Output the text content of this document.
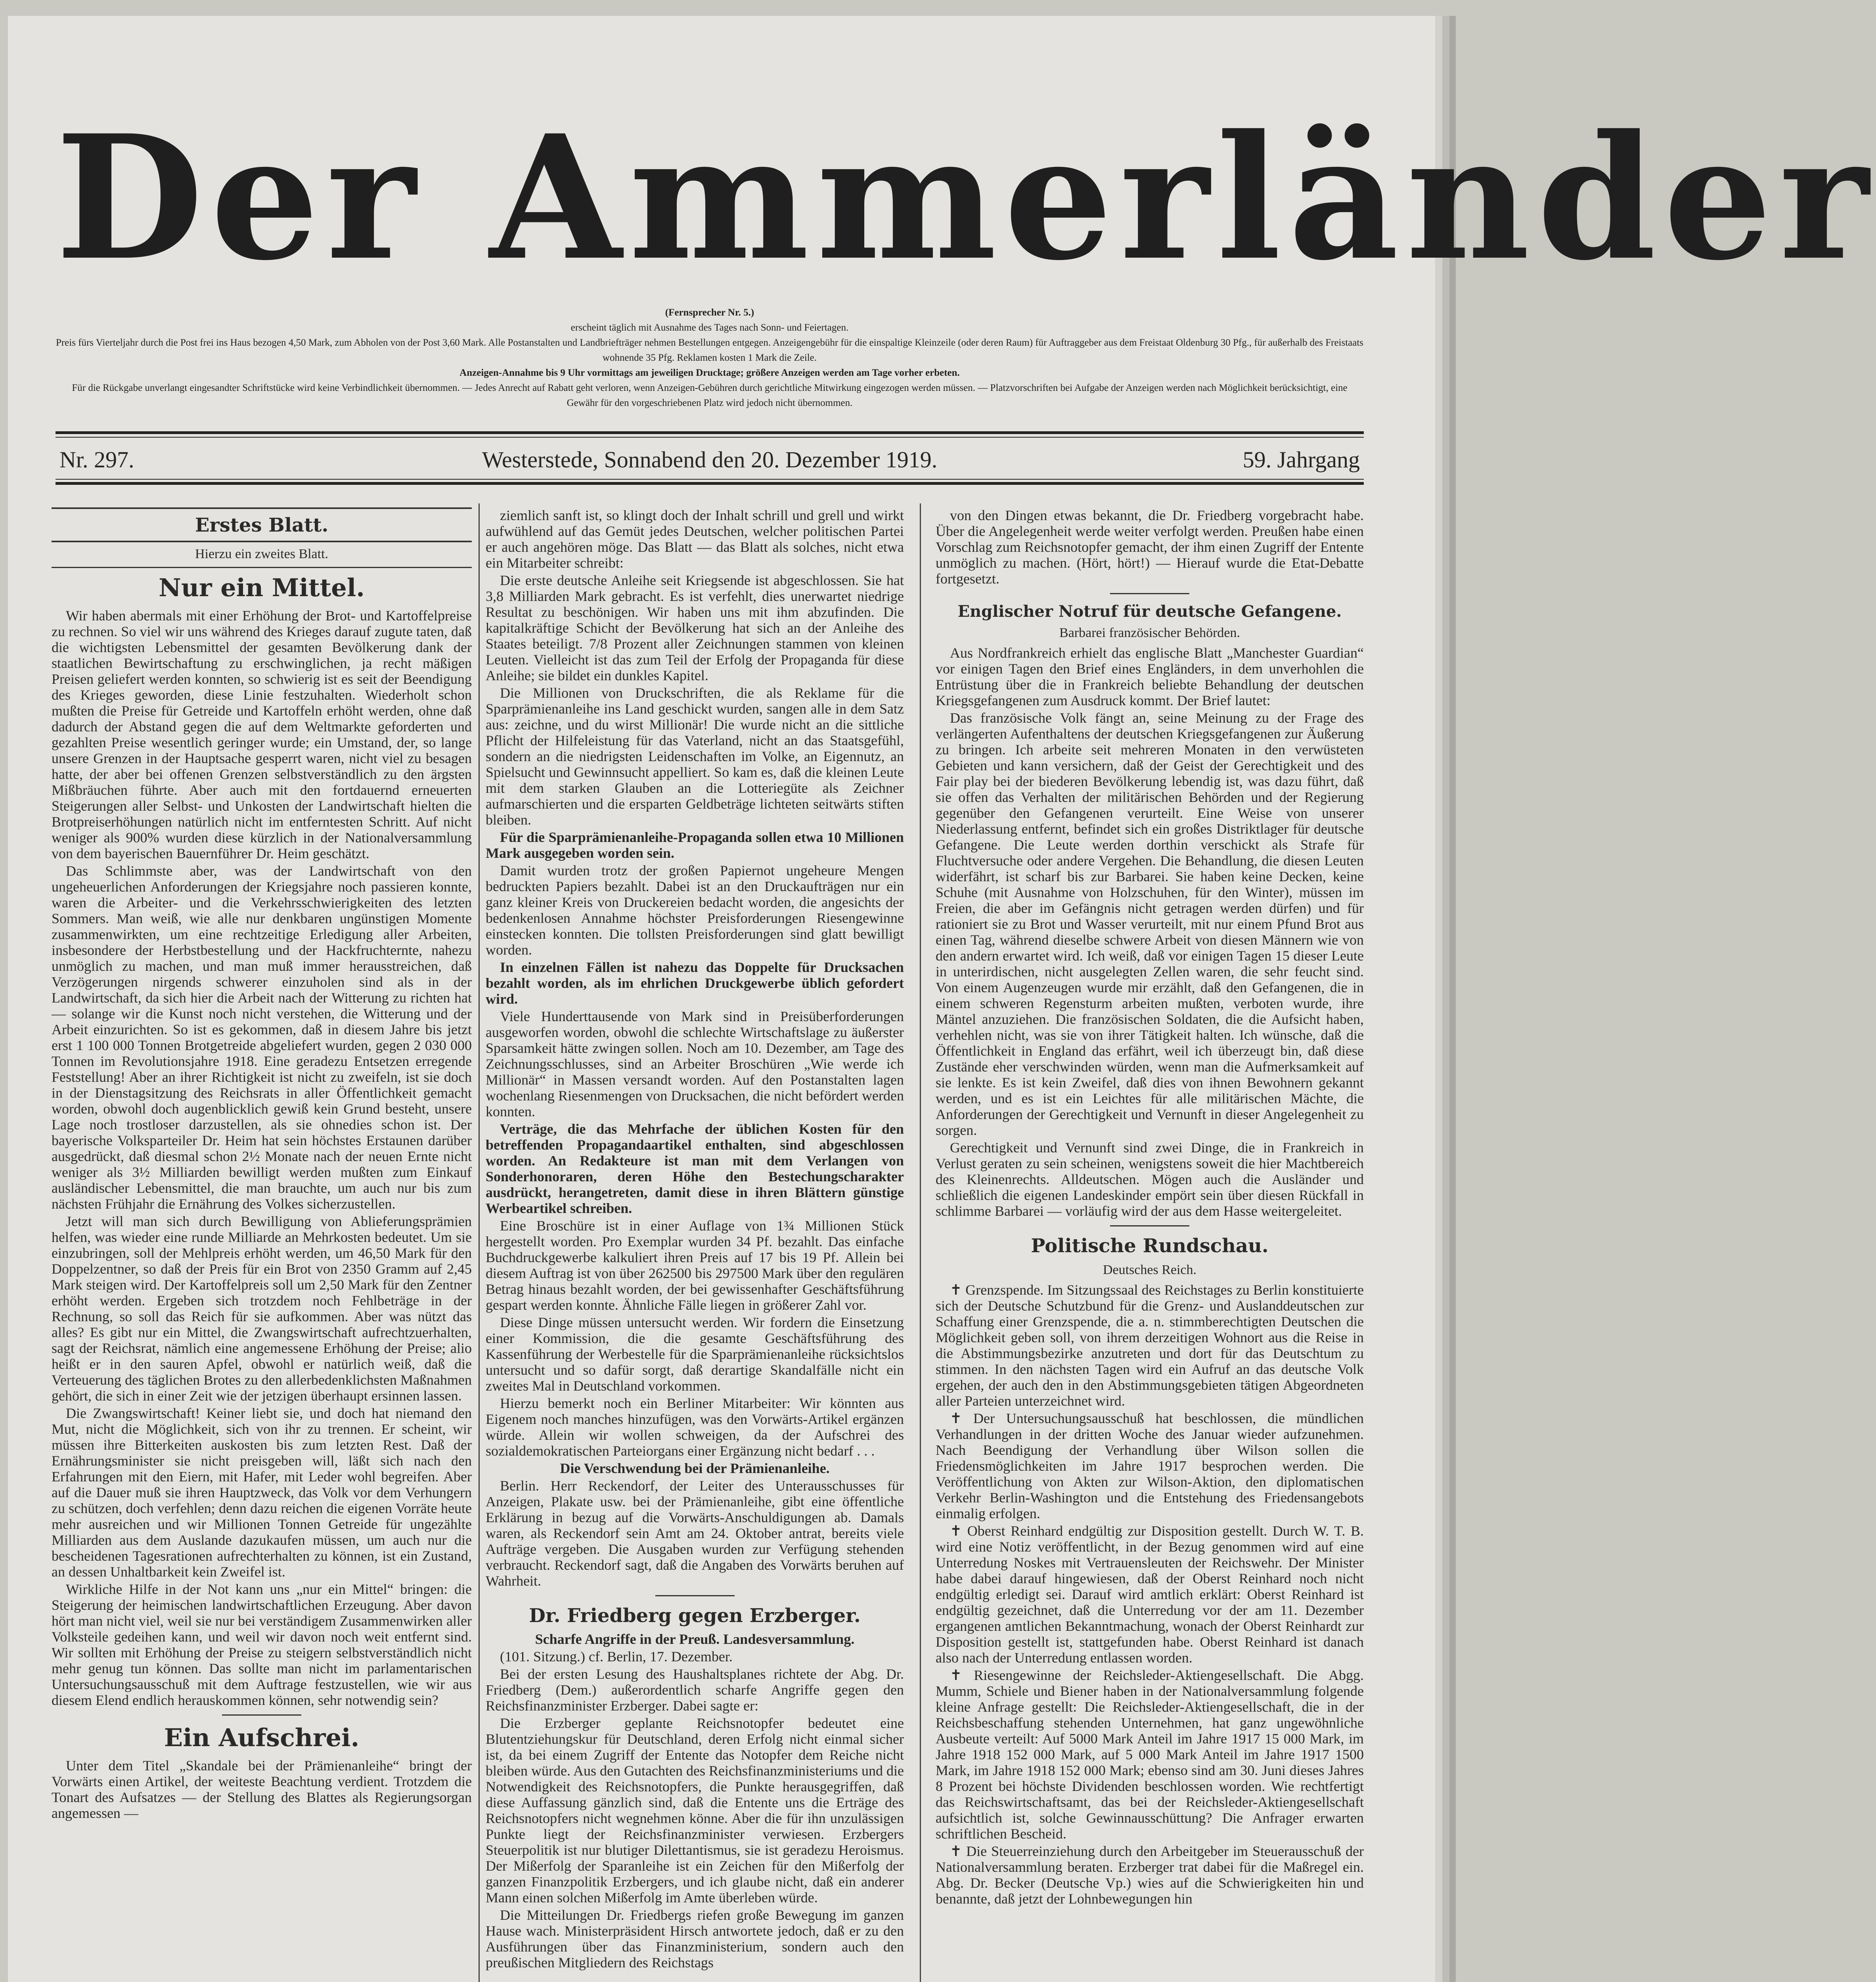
Der Ammerländer

(Fernsprecher Nr. 5.)

erscheint täglich mit Ausnahme des Tages nach Sonn- und Feiertagen.

Preis fürs Vierteljahr durch die Post frei ins Haus bezogen 4,50 Mark, zum Abholen von der Post 3,60 Mark. Alle Postanstalten und Landbriefträger nehmen Bestellungen entgegen. Anzeigengebühr für die einspaltige Kleinzeile (oder deren Raum) für Auftraggeber aus dem Freistaat Oldenburg 30 Pfg., für außerhalb des Freistaats wohnende 35 Pfg. Reklamen kosten 1 Mark die Zeile.

Anzeigen-Annahme bis 9 Uhr vormittags am jeweiligen Drucktage; größere Anzeigen werden am Tage vorher erbeten.

Für die Rückgabe unverlangt eingesandter Schriftstücke wird keine Verbindlichkeit übernommen. — Jedes Anrecht auf Rabatt geht verloren, wenn Anzeigen-Gebühren durch gerichtliche Mitwirkung eingezogen werden müssen. — Platzvorschriften bei Aufgabe der Anzeigen werden nach Möglichkeit berücksichtigt, eine Gewähr für den vorgeschriebenen Platz wird jedoch nicht übernommen.

Nr. 297.	Westerstede, Sonnabend den 20. Dezember 1919.	59. Jahrgang
Erstes Blatt.
Hierzu ein zweites Blatt.
Nur ein Mittel.

Wir haben abermals mit einer Erhöhung der Brot- und Kartoffelpreise zu rechnen. So viel wir uns während des Krieges darauf zugute taten, daß die wichtigsten Lebensmittel der gesamten Bevölkerung dank der staatlichen Bewirtschaftung zu erschwinglichen, ja recht mäßigen Preisen geliefert werden konnten, so schwierig ist es seit der Beendigung des Krieges geworden, diese Linie festzuhalten. Wiederholt schon mußten die Preise für Getreide und Kartoffeln erhöht werden, ohne daß dadurch der Abstand gegen die auf dem Weltmarkte geforderten und gezahlten Preise wesentlich geringer wurde; ein Umstand, der, so lange unsere Grenzen in der Hauptsache gesperrt waren, nicht viel zu besagen hatte, der aber bei offenen Grenzen selbstverständlich zu den ärgsten Mißbräuchen führte. Aber auch mit den fortdauernd erneuerten Steigerungen aller Selbst- und Unkosten der Landwirtschaft hielten die Brotpreiserhöhungen natürlich nicht im entferntesten Schritt. Auf nicht weniger als 900% wurden diese kürzlich in der Nationalversammlung von dem bayerischen Bauernführer Dr. Heim geschätzt.

Das Schlimmste aber, was der Landwirtschaft von den ungeheuerlichen Anforderungen der Kriegsjahre noch passieren konnte, waren die Arbeiter- und die Verkehrsschwierigkeiten des letzten Sommers. Man weiß, wie alle nur denkbaren ungünstigen Momente zusammenwirkten, um eine rechtzeitige Erledigung aller Arbeiten, insbesondere der Herbstbestellung und der Hackfruchternte, nahezu unmöglich zu machen, und man muß immer herausstreichen, daß Verzögerungen nirgends schwerer einzuholen sind als in der Landwirtschaft, da sich hier die Arbeit nach der Witterung zu richten hat — solange wir die Kunst noch nicht verstehen, die Witterung und der Arbeit einzurichten. So ist es gekommen, daß in diesem Jahre bis jetzt erst 1 100 000 Tonnen Brotgetreide abgeliefert wurden, gegen 2 030 000 Tonnen im Revolutionsjahre 1918. Eine geradezu Entsetzen erregende Feststellung! Aber an ihrer Richtigkeit ist nicht zu zweifeln, ist sie doch in der Dienstagsitzung des Reichsrats in aller Öffentlichkeit gemacht worden, obwohl doch augenblicklich gewiß kein Grund besteht, unsere Lage noch trostloser darzustellen, als sie ohnedies schon ist. Der bayerische Volksparteiler Dr. Heim hat sein höchstes Erstaunen darüber ausgedrückt, daß diesmal schon 2½ Monate nach der neuen Ernte nicht weniger als 3½ Milliarden bewilligt werden mußten zum Einkauf ausländischer Lebensmittel, die man brauchte, um auch nur bis zum nächsten Frühjahr die Ernährung des Volkes sicherzustellen.

Jetzt will man sich durch Bewilligung von Ablieferungsprämien helfen, was wieder eine runde Milliarde an Mehrkosten bedeutet. Um sie einzubringen, soll der Mehlpreis erhöht werden, um 46,50 Mark für den Doppelzentner, so daß der Preis für ein Brot von 2350 Gramm auf 2,45 Mark steigen wird. Der Kartoffelpreis soll um 2,50 Mark für den Zentner erhöht werden. Ergeben sich trotzdem noch Fehlbeträge in der Rechnung, so soll das Reich für sie aufkommen. Aber was nützt das alles? Es gibt nur ein Mittel, die Zwangswirtschaft aufrechtzuerhalten, sagt der Reichsrat, nämlich eine angemessene Erhöhung der Preise; alio heißt er in den sauren Apfel, obwohl er natürlich weiß, daß die Verteuerung des täglichen Brotes zu den allerbedenklichsten Maßnahmen gehört, die sich in einer Zeit wie der jetzigen überhaupt ersinnen lassen.

Die Zwangswirtschaft! Keiner liebt sie, und doch hat niemand den Mut, nicht die Möglichkeit, sich von ihr zu trennen. Er scheint, wir müssen ihre Bitterkeiten auskosten bis zum letzten Rest. Daß der Ernährungsminister sie nicht preisgeben will, läßt sich nach den Erfahrungen mit den Eiern, mit Hafer, mit Leder wohl begreifen. Aber auf die Dauer muß sie ihren Hauptzweck, das Volk vor dem Verhungern zu schützen, doch verfehlen; denn dazu reichen die eigenen Vorräte heute mehr ausreichen und wir Millionen Tonnen Getreide für ungezählte Milliarden aus dem Auslande dazukaufen müssen, um auch nur die bescheidenen Tagesrationen aufrechterhalten zu können, ist ein Zustand, an dessen Unhaltbarkeit kein Zweifel ist.

Wirkliche Hilfe in der Not kann uns „nur ein Mittel“ bringen: die Steigerung der heimischen landwirtschaftlichen Erzeugung. Aber davon hört man nicht viel, weil sie nur bei verständigem Zusammenwirken aller Volksteile gedeihen kann, und weil wir davon noch weit entfernt sind. Wir sollten mit Erhöhung der Preise zu steigern selbstverständlich nicht mehr genug tun können. Das sollte man nicht im parlamentarischen Untersuchungsausschuß mit dem Auftrage festzustellen, wie wir aus diesem Elend endlich herauskommen können, sehr notwendig sein?

Ein Aufschrei.

Unter dem Titel „Skandale bei der Prämienanleihe“ bringt der Vorwärts einen Artikel, der weiteste Beachtung verdient. Trotzdem die Tonart des Aufsatzes — der Stellung des Blattes als Regierungsorgan angemessen —

ziemlich sanft ist, so klingt doch der Inhalt schrill und grell und wirkt aufwühlend auf das Gemüt jedes Deutschen, welcher politischen Partei er auch angehören möge. Das Blatt — das Blatt als solches, nicht etwa ein Mitarbeiter schreibt:

Die erste deutsche Anleihe seit Kriegsende ist abgeschlossen. Sie hat 3,8 Milliarden Mark gebracht. Es ist verfehlt, dies unerwartet niedrige Resultat zu beschönigen. Wir haben uns mit ihm abzufinden. Die kapitalkräftige Schicht der Bevölkerung hat sich an der Anleihe des Staates beteiligt. 7/8 Prozent aller Zeichnungen stammen von kleinen Leuten. Vielleicht ist das zum Teil der Erfolg der Propaganda für diese Anleihe; sie bildet ein dunkles Kapitel.

Die Millionen von Druckschriften, die als Reklame für die Sparprämienanleihe ins Land geschickt wurden, sangen alle in dem Satz aus: zeichne, und du wirst Millionär! Die wurde nicht an die sittliche Pflicht der Hilfeleistung für das Vaterland, nicht an das Staatsgefühl, sondern an die niedrigsten Leidenschaften im Volke, an Eigennutz, an Spielsucht und Gewinnsucht appelliert. So kam es, daß die kleinen Leute mit dem starken Glauben an die Lotteriegüte als Zeichner aufmarschierten und die ersparten Geldbeträge lichteten seitwärts stiften bleiben.

Für die Sparprämienanleihe-Propaganda sollen etwa 10 Millionen Mark ausgegeben worden sein.

Damit wurden trotz der großen Papiernot ungeheure Mengen bedruckten Papiers bezahlt. Dabei ist an den Druckaufträgen nur ein ganz kleiner Kreis von Druckereien bedacht worden, die angesichts der bedenkenlosen Annahme höchster Preisforderungen Riesengewinne einstecken konnten. Die tollsten Preisforderungen sind glatt bewilligt worden.

In einzelnen Fällen ist nahezu das Doppelte für Drucksachen bezahlt worden, als im ehrlichen Druckgewerbe üblich gefordert wird.

Viele Hunderttausende von Mark sind in Preisüberforderungen ausgeworfen worden, obwohl die schlechte Wirtschaftslage zu äußerster Sparsamkeit hätte zwingen sollen. Noch am 10. Dezember, am Tage des Zeichnungsschlusses, sind an Arbeiter Broschüren „Wie werde ich Millionär“ in Massen versandt worden. Auf den Postanstalten lagen wochenlang Riesenmengen von Drucksachen, die nicht befördert werden konnten.

Verträge, die das Mehrfache der üblichen Kosten für den betreffenden Propagandaartikel enthalten, sind abgeschlossen worden. An Redakteure ist man mit dem Verlangen von Sonderhonoraren, deren Höhe den Bestechungscharakter ausdrückt, herangetreten, damit diese in ihren Blättern günstige Werbeartikel schreiben.

Eine Broschüre ist in einer Auflage von 1¾ Millionen Stück hergestellt worden. Pro Exemplar wurden 34 Pf. bezahlt. Das einfache Buchdruckgewerbe kalkuliert ihren Preis auf 17 bis 19 Pf. Allein bei diesem Auftrag ist von über 262500 bis 297500 Mark über den regulären Betrag hinaus bezahlt worden, der bei gewissenhafter Geschäftsführung gespart werden konnte. Ähnliche Fälle liegen in größerer Zahl vor.

Diese Dinge müssen untersucht werden. Wir fordern die Einsetzung einer Kommission, die die gesamte Geschäftsführung des Kassenführung der Werbestelle für die Sparprämienanleihe rücksichtslos untersucht und so dafür sorgt, daß derartige Skandalfälle nicht ein zweites Mal in Deutschland vorkommen.

Hierzu bemerkt noch ein Berliner Mitarbeiter: Wir könnten aus Eigenem noch manches hinzufügen, was den Vorwärts-Artikel ergänzen würde. Allein wir wollen schweigen, da der Aufschrei des sozialdemokratischen Parteiorgans einer Ergänzung nicht bedarf . . .

Die Verschwendung bei der Prämienanleihe.

Berlin. Herr Reckendorf, der Leiter des Unterausschusses für Anzeigen, Plakate usw. bei der Prämienanleihe, gibt eine öffentliche Erklärung in bezug auf die Vorwärts-Anschuldigungen ab. Damals waren, als Reckendorf sein Amt am 24. Oktober antrat, bereits viele Aufträge vergeben. Die Ausgaben wurden zur Verfügung stehenden verbraucht. Reckendorf sagt, daß die Angaben des Vorwärts beruhen auf Wahrheit.

Dr. Friedberg gegen Erzberger.

Scharfe Angriffe in der Preuß. Landesversammlung.

(101. Sitzung.) cf. Berlin, 17. Dezember.

Bei der ersten Lesung des Haushaltsplanes richtete der Abg. Dr. Friedberg (Dem.) außerordentlich scharfe Angriffe gegen den Reichsfinanzminister Erzberger. Dabei sagte er:

Die Erzberger geplante Reichsnotopfer bedeutet eine Blutentziehungskur für Deutschland, deren Erfolg nicht einmal sicher ist, da bei einem Zugriff der Entente das Notopfer dem Reiche nicht bleiben würde. Aus den Gutachten des Reichsfinanzministeriums und die Notwendigkeit des Reichsnotopfers, die Punkte herausgegriffen, daß diese Auffassung gänzlich sind, daß die Entente uns die Erträge des Reichsnotopfers nicht wegnehmen könne. Aber die für ihn unzulässigen Punkte liegt der Reichsfinanzminister verwiesen. Erzbergers Steuerpolitik ist nur blutiger Dilettantismus, sie ist geradezu Heroismus. Der Mißerfolg der Sparanleihe ist ein Zeichen für den Mißerfolg der ganzen Finanzpolitik Erzbergers, und ich glaube nicht, daß ein anderer Mann einen solchen Mißerfolg im Amte überleben würde.

Die Mitteilungen Dr. Friedbergs riefen große Bewegung im ganzen Hause wach. Ministerpräsident Hirsch antwortete jedoch, daß er zu den Ausführungen über das Finanzministerium, sondern auch den preußischen Mitgliedern des Reichstags

von den Dingen etwas bekannt, die Dr. Friedberg vorgebracht habe. Über die Angelegenheit werde weiter verfolgt werden. Preußen habe einen Vorschlag zum Reichsnotopfer gemacht, der ihm einen Zugriff der Entente unmöglich zu machen. (Hört, hört!) — Hierauf wurde die Etat-Debatte fortgesetzt.

Englischer Notruf für deutsche Gefangene.
Barbarei französischer Behörden.

Aus Nordfrankreich erhielt das englische Blatt „Manchester Guardian“ vor einigen Tagen den Brief eines Engländers, in dem unverhohlen die Entrüstung über die in Frankreich beliebte Behandlung der deutschen Kriegsgefangenen zum Ausdruck kommt. Der Brief lautet:

Das französische Volk fängt an, seine Meinung zu der Frage des verlängerten Aufenthaltens der deutschen Kriegsgefangenen zur Äußerung zu bringen. Ich arbeite seit mehreren Monaten in den verwüsteten Gebieten und kann versichern, daß der Geist der Gerechtigkeit und des Fair play bei der biederen Bevölkerung lebendig ist, was dazu führt, daß sie offen das Verhalten der militärischen Behörden und der Regierung gegenüber den Gefangenen verurteilt. Eine Weise von unserer Niederlassung entfernt, befindet sich ein großes Distriktlager für deutsche Gefangene. Die Leute werden dorthin verschickt als Strafe für Fluchtversuche oder andere Vergehen. Die Behandlung, die diesen Leuten widerfährt, ist scharf bis zur Barbarei. Sie haben keine Decken, keine Schuhe (mit Ausnahme von Holzschuhen, für den Winter), müssen im Freien, die aber im Gefängnis nicht getragen werden dürfen) und für rationiert sie zu Brot und Wasser verurteilt, mit nur einem Pfund Brot aus einen Tag, während dieselbe schwere Arbeit von diesen Männern wie von den andern erwartet wird. Ich weiß, daß vor einigen Tagen 15 dieser Leute in unterirdischen, nicht ausgelegten Zellen waren, die sehr feucht sind. Von einem Augenzeugen wurde mir erzählt, daß den Gefangenen, die in einem schweren Regensturm arbeiten mußten, verboten wurde, ihre Mäntel anzuziehen. Die französischen Soldaten, die die Aufsicht haben, verhehlen nicht, was sie von ihrer Tätigkeit halten. Ich wünsche, daß die Öffentlichkeit in England das erfährt, weil ich überzeugt bin, daß diese Zustände eher verschwinden würden, wenn man die Aufmerksamkeit auf sie lenkte. Es ist kein Zweifel, daß dies von ihnen Bewohnern gekannt werden, und es ist ein Leichtes für alle militärischen Mächte, die Anforderungen der Gerechtigkeit und Vernunft in dieser Angelegenheit zu sorgen.

Gerechtigkeit und Vernunft sind zwei Dinge, die in Frankreich in Verlust geraten zu sein scheinen, wenigstens soweit die hier Machtbereich des Kleinenrechts. Alldeutschen. Mögen auch die Ausländer und schließlich die eigenen Landeskinder empört sein über diesen Rückfall in schlimme Barbarei — vorläufig wird der aus dem Hasse weitergeleitet.

Politische Rundschau.
Deutsches Reich.

✝ Grenzspende. Im Sitzungssaal des Reichstages zu Berlin konstituierte sich der Deutsche Schutzbund für die Grenz- und Auslanddeutschen zur Schaffung einer Grenzspende, die a. n. stimmberechtigten Deutschen die Möglichkeit geben soll, von ihrem derzeitigen Wohnort aus die Reise in die Abstimmungsbezirke anzutreten und dort für das Deutschtum zu stimmen. In den nächsten Tagen wird ein Aufruf an das deutsche Volk ergehen, der auch den in den Abstimmungsgebieten tätigen Abgeordneten aller Parteien unterzeichnet wird.

✝ Der Untersuchungsausschuß hat beschlossen, die mündlichen Verhandlungen in der dritten Woche des Januar wieder aufzunehmen. Nach Beendigung der Verhandlung über Wilson sollen die Friedensmöglichkeiten im Jahre 1917 besprochen werden. Die Veröffentlichung von Akten zur Wilson-Aktion, den diplomatischen Verkehr Berlin-Washington und die Entstehung des Friedensangebots einmalig erfolgen.

✝ Oberst Reinhard endgültig zur Disposition gestellt. Durch W. T. B. wird eine Notiz veröffentlicht, in der Bezug genommen wird auf eine Unterredung Noskes mit Vertrauensleuten der Reichswehr. Der Minister habe dabei darauf hingewiesen, daß der Oberst Reinhard noch nicht endgültig erledigt sei. Darauf wird amtlich erklärt: Oberst Reinhard ist endgültig gezeichnet, daß die Unterredung vor der am 11. Dezember ergangenen amtlichen Bekanntmachung, wonach der Oberst Reinhardt zur Disposition gestellt ist, stattgefunden habe. Oberst Reinhard ist danach also nach der Unterredung entlassen worden.

✝ Riesengewinne der Reichsleder-Aktiengesellschaft. Die Abgg. Mumm, Schiele und Biener haben in der Nationalversammlung folgende kleine Anfrage gestellt: Die Reichsleder-Aktiengesellschaft, die in der Reichsbeschaffung stehenden Unternehmen, hat ganz ungewöhnliche Ausbeute verteilt: Auf 5000 Mark Anteil im Jahre 1917 15 000 Mark, im Jahre 1918 152 000 Mark, auf 5 000 Mark Anteil im Jahre 1917 1500 Mark, im Jahre 1918 152 000 Mark; ebenso sind am 30. Juni dieses Jahres 8 Prozent bei höchste Dividenden beschlossen worden. Wie rechtfertigt das Reichswirtschaftsamt, das bei der Reichsleder-Aktiengesellschaft aufsichtlich ist, solche Gewinnausschüttung? Die Anfrager erwarten schriftlichen Bescheid.

✝ Die Steuerreinziehung durch den Arbeitgeber im Steuerausschuß der Nationalversammlung beraten. Erzberger trat dabei für die Maßregel ein. Abg. Dr. Becker (Deutsche Vp.) wies auf die Schwierigkeiten hin und benannte, daß jetzt der Lohnbewegungen hin
